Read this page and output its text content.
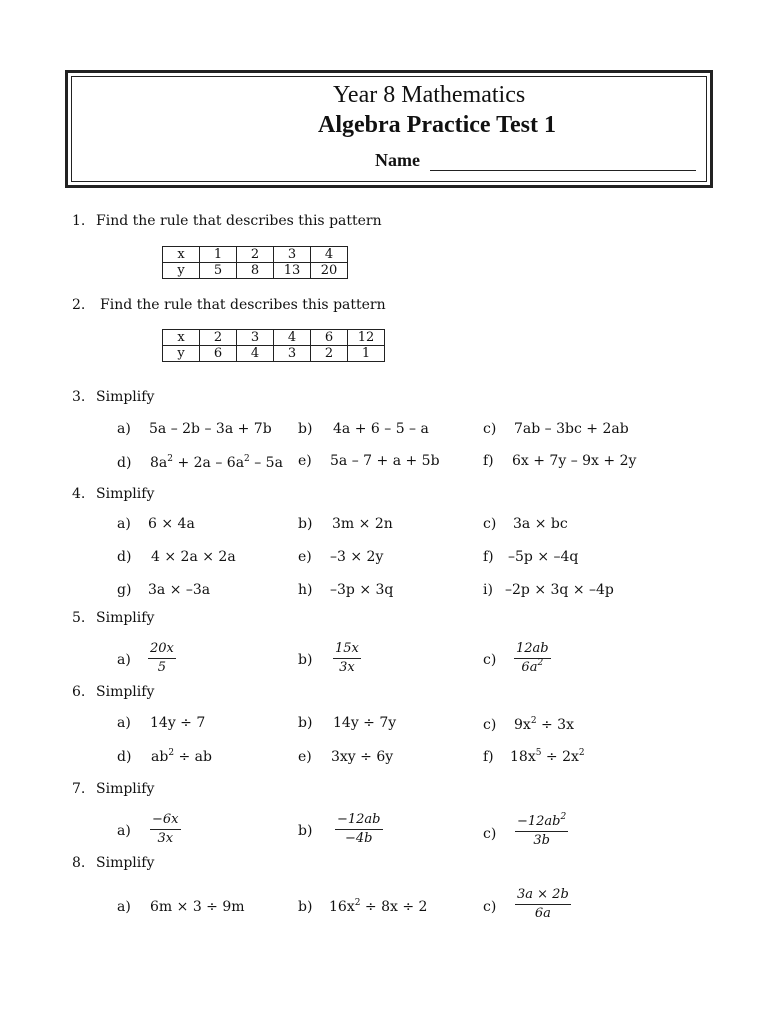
Year 8 Mathematics
Algebra Practice Test 1
Name
1. Find the rule that describes this pattern
x	1	2	3	4
y	5	8	13	20
2. Find the rule that describes this pattern
x	2	3	4	6	12
y	6	4	3	2	1
3. Simplify
a) 5a – 2b – 3a + 7b b) 4a + 6 – 5 – a	c) 7ab – 3bc + 2ab
d) $8a^2 + 2a - 6a^2 - 5a$ e) 5a – 7 + a + 5b	f) 6x + 7y – 9x + 2y
4. Simplify
a) 6 × 4a	b) 3m × 2n	c) 3a × bc
d) 4 × 2a × 2a	e) –3 × 2y	f) –5p × –4q
g) 3a × –3a	h) –3p × 3q	i) –2p × 3q × –4p
5. Simplify
$a) \frac{20x}{5}$	$b) \frac{15x}{3x}$	$c) \frac{12ab}{6a^2}$
6. Simplify
a) 14y ÷ 7	b) 14y ÷ 7y	c) $9x^2 \div 3x$
d) $ab^2$ ÷ ab	e) 3xy ÷ 6y	f) $18x^5 \div 2x^2$
7. Simplify
$a) \frac{-6x}{3x}$	$b) \frac{-12ab}{-4b}$	$c) \frac{-12ab^2}{3b}$
8. Simplify
a) 6m × 3 ÷ 9m	b) $16x^2 \div 8x \div 2$	$c) \frac{3a \times 2b}{6a}$
